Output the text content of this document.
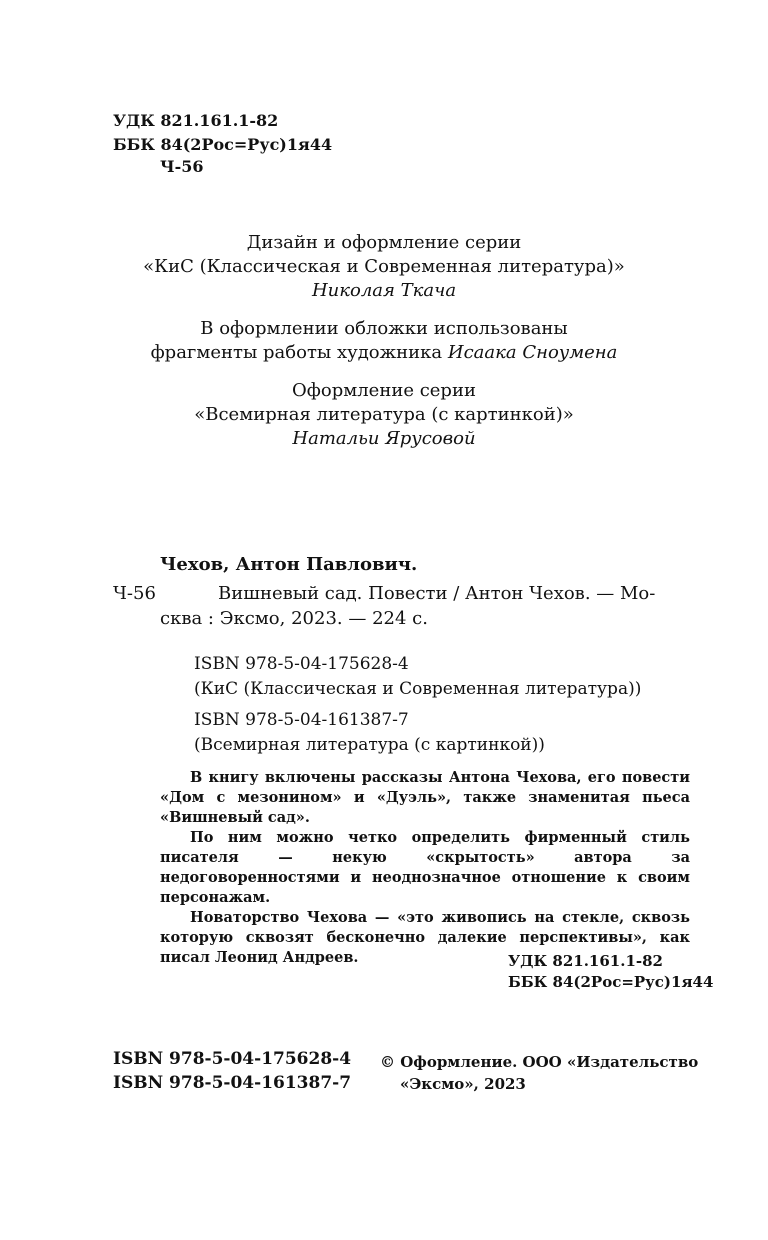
УДК 821.161.1-82
ББК 84(2Рос=Рус)1я44
Ч-56
Дизайн и оформление серии
«КиС (Классическая и Современная литература)»
Николая Ткача
В оформлении обложки использованы
фрагменты работы художника Исаака Сноумена
Оформление серии
«Всемирная литература (с картинкой)»
Натальи Ярусовой
Чехов, Антон Павлович.
Ч-56	Вишневый сад. Повести / Антон Чехов. — Мо-
сква : Эксмо, 2023. — 224 с.
ISBN 978-5-04-175628-4
(КиС (Классическая и Современная литература))
ISBN 978-5-04-161387-7
(Всемирная литература (с картинкой))

В книгу включены рассказы Антона Чехова, его повести «Дом с мезонином» и «Дуэль», также знаменитая пьеса «Вишневый сад».

По ним можно четко определить фирменный стиль писателя — некую «скрытость» автора за недоговоренностями и неоднозначное отношение к своим персонажам.

Новаторство Чехова — «это живопись на стекле, сквозь которую сквозят бесконечно далекие перспективы», как писал Леонид Андреев.	УДК 821.161.1-82
ББК 84(2Рос=Рус)1я44
ISBN 978-5-04-175628-4
ISBN 978-5-04-161387-7
© Оформление. ООО «Издательство
«Эксмо», 2023
